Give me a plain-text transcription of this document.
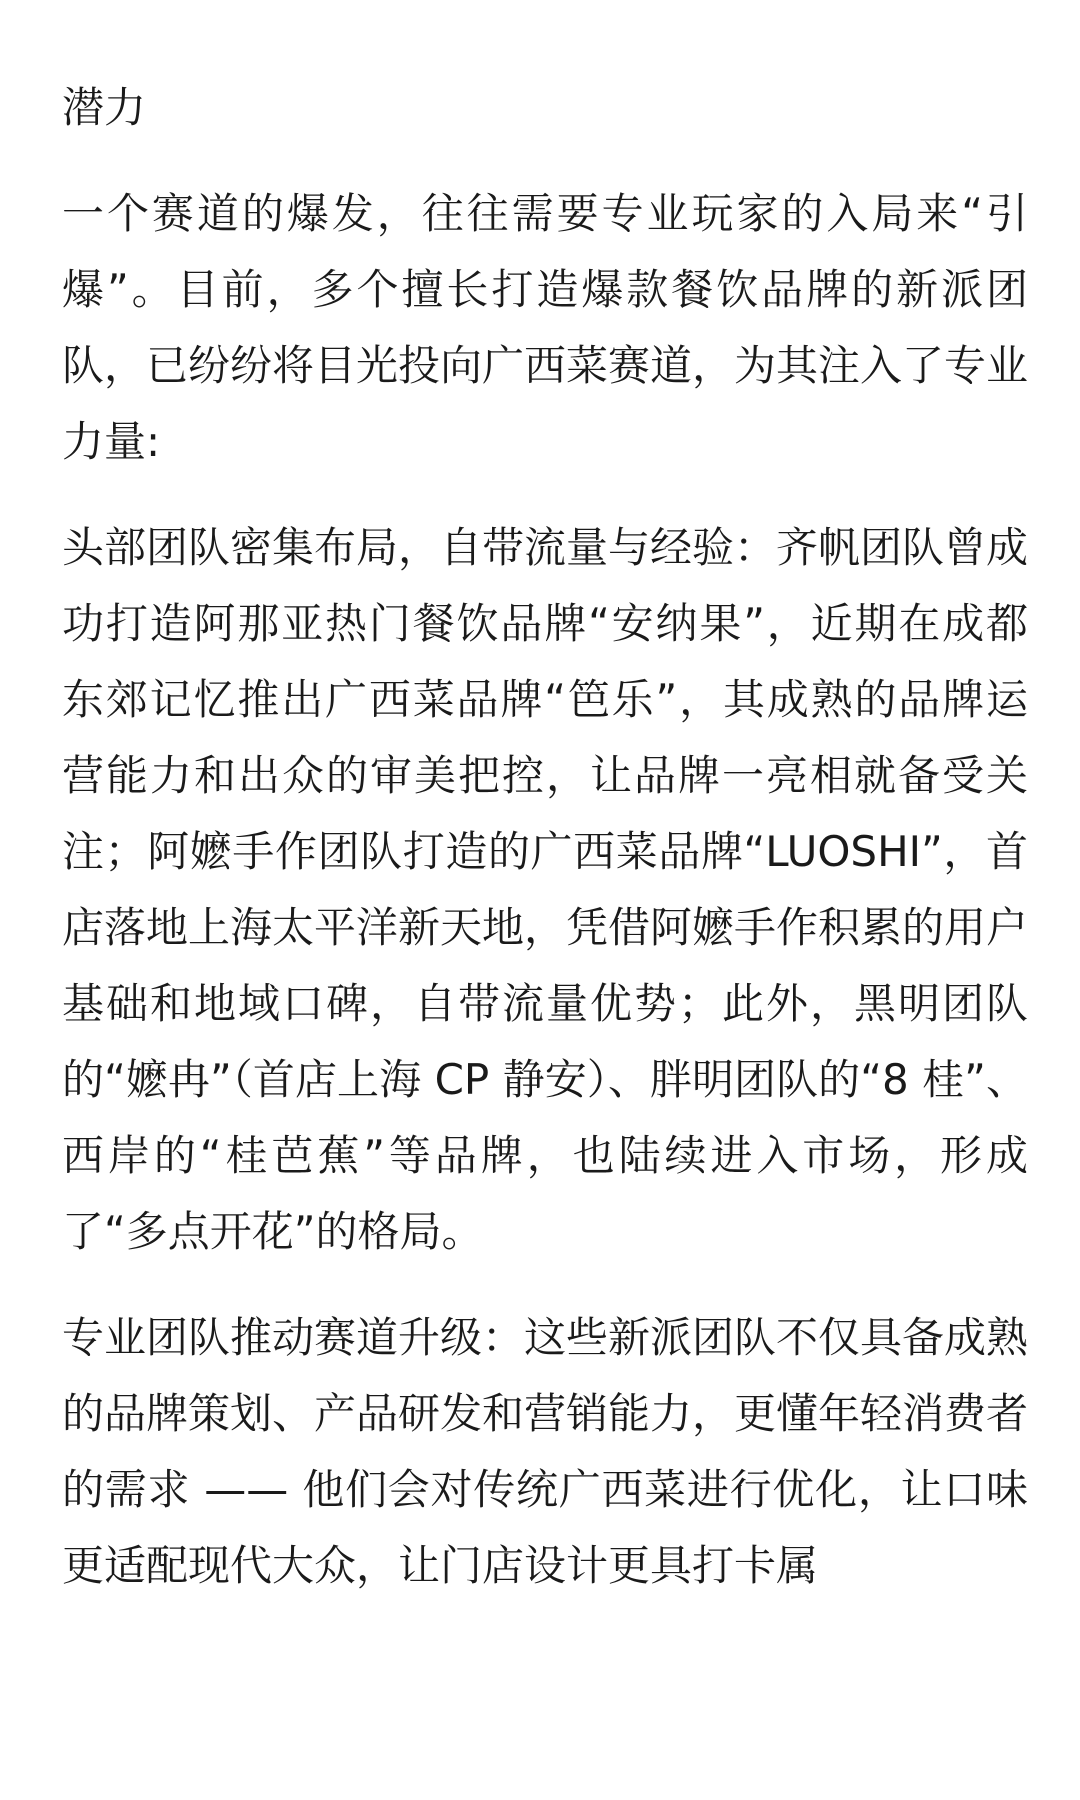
潜力

一个赛道的爆发，往往需要专业玩家的入局来“引爆”。目前，多个擅长打造爆款餐饮品牌的新派团队，已纷纷将目光投向广西菜赛道，为其注入了专业力量:

头部团队密集布局，自带流量与经验：齐帆团队曾成功打造阿那亚热门餐饮品牌“安纳果”，近期在成都东郊记忆推出广西菜品牌“笆乐”，其成熟的品牌运营能力和出众的审美把控，让品牌一亮相就备受关注；阿嬷手作团队打造的广西菜品牌“LUOSHI”，首店落地上海太平洋新天地，凭借阿嬷手作积累的用户基础和地域口碑，自带流量优势；此外，黑明团队的“嬷冉”（首店上海 CP 静安）、胖明团队的“8 桂”、西岸的“桂芭蕉”等品牌，也陆续进入市场，形成了“多点开花”的格局。

专业团队推动赛道升级：这些新派团队不仅具备成熟的品牌策划、产品研发和营销能力，更懂年轻消费者的需求 —— 他们会对传统广西菜进行优化，让口味更适配现代大众，让门店设计更具打卡属
